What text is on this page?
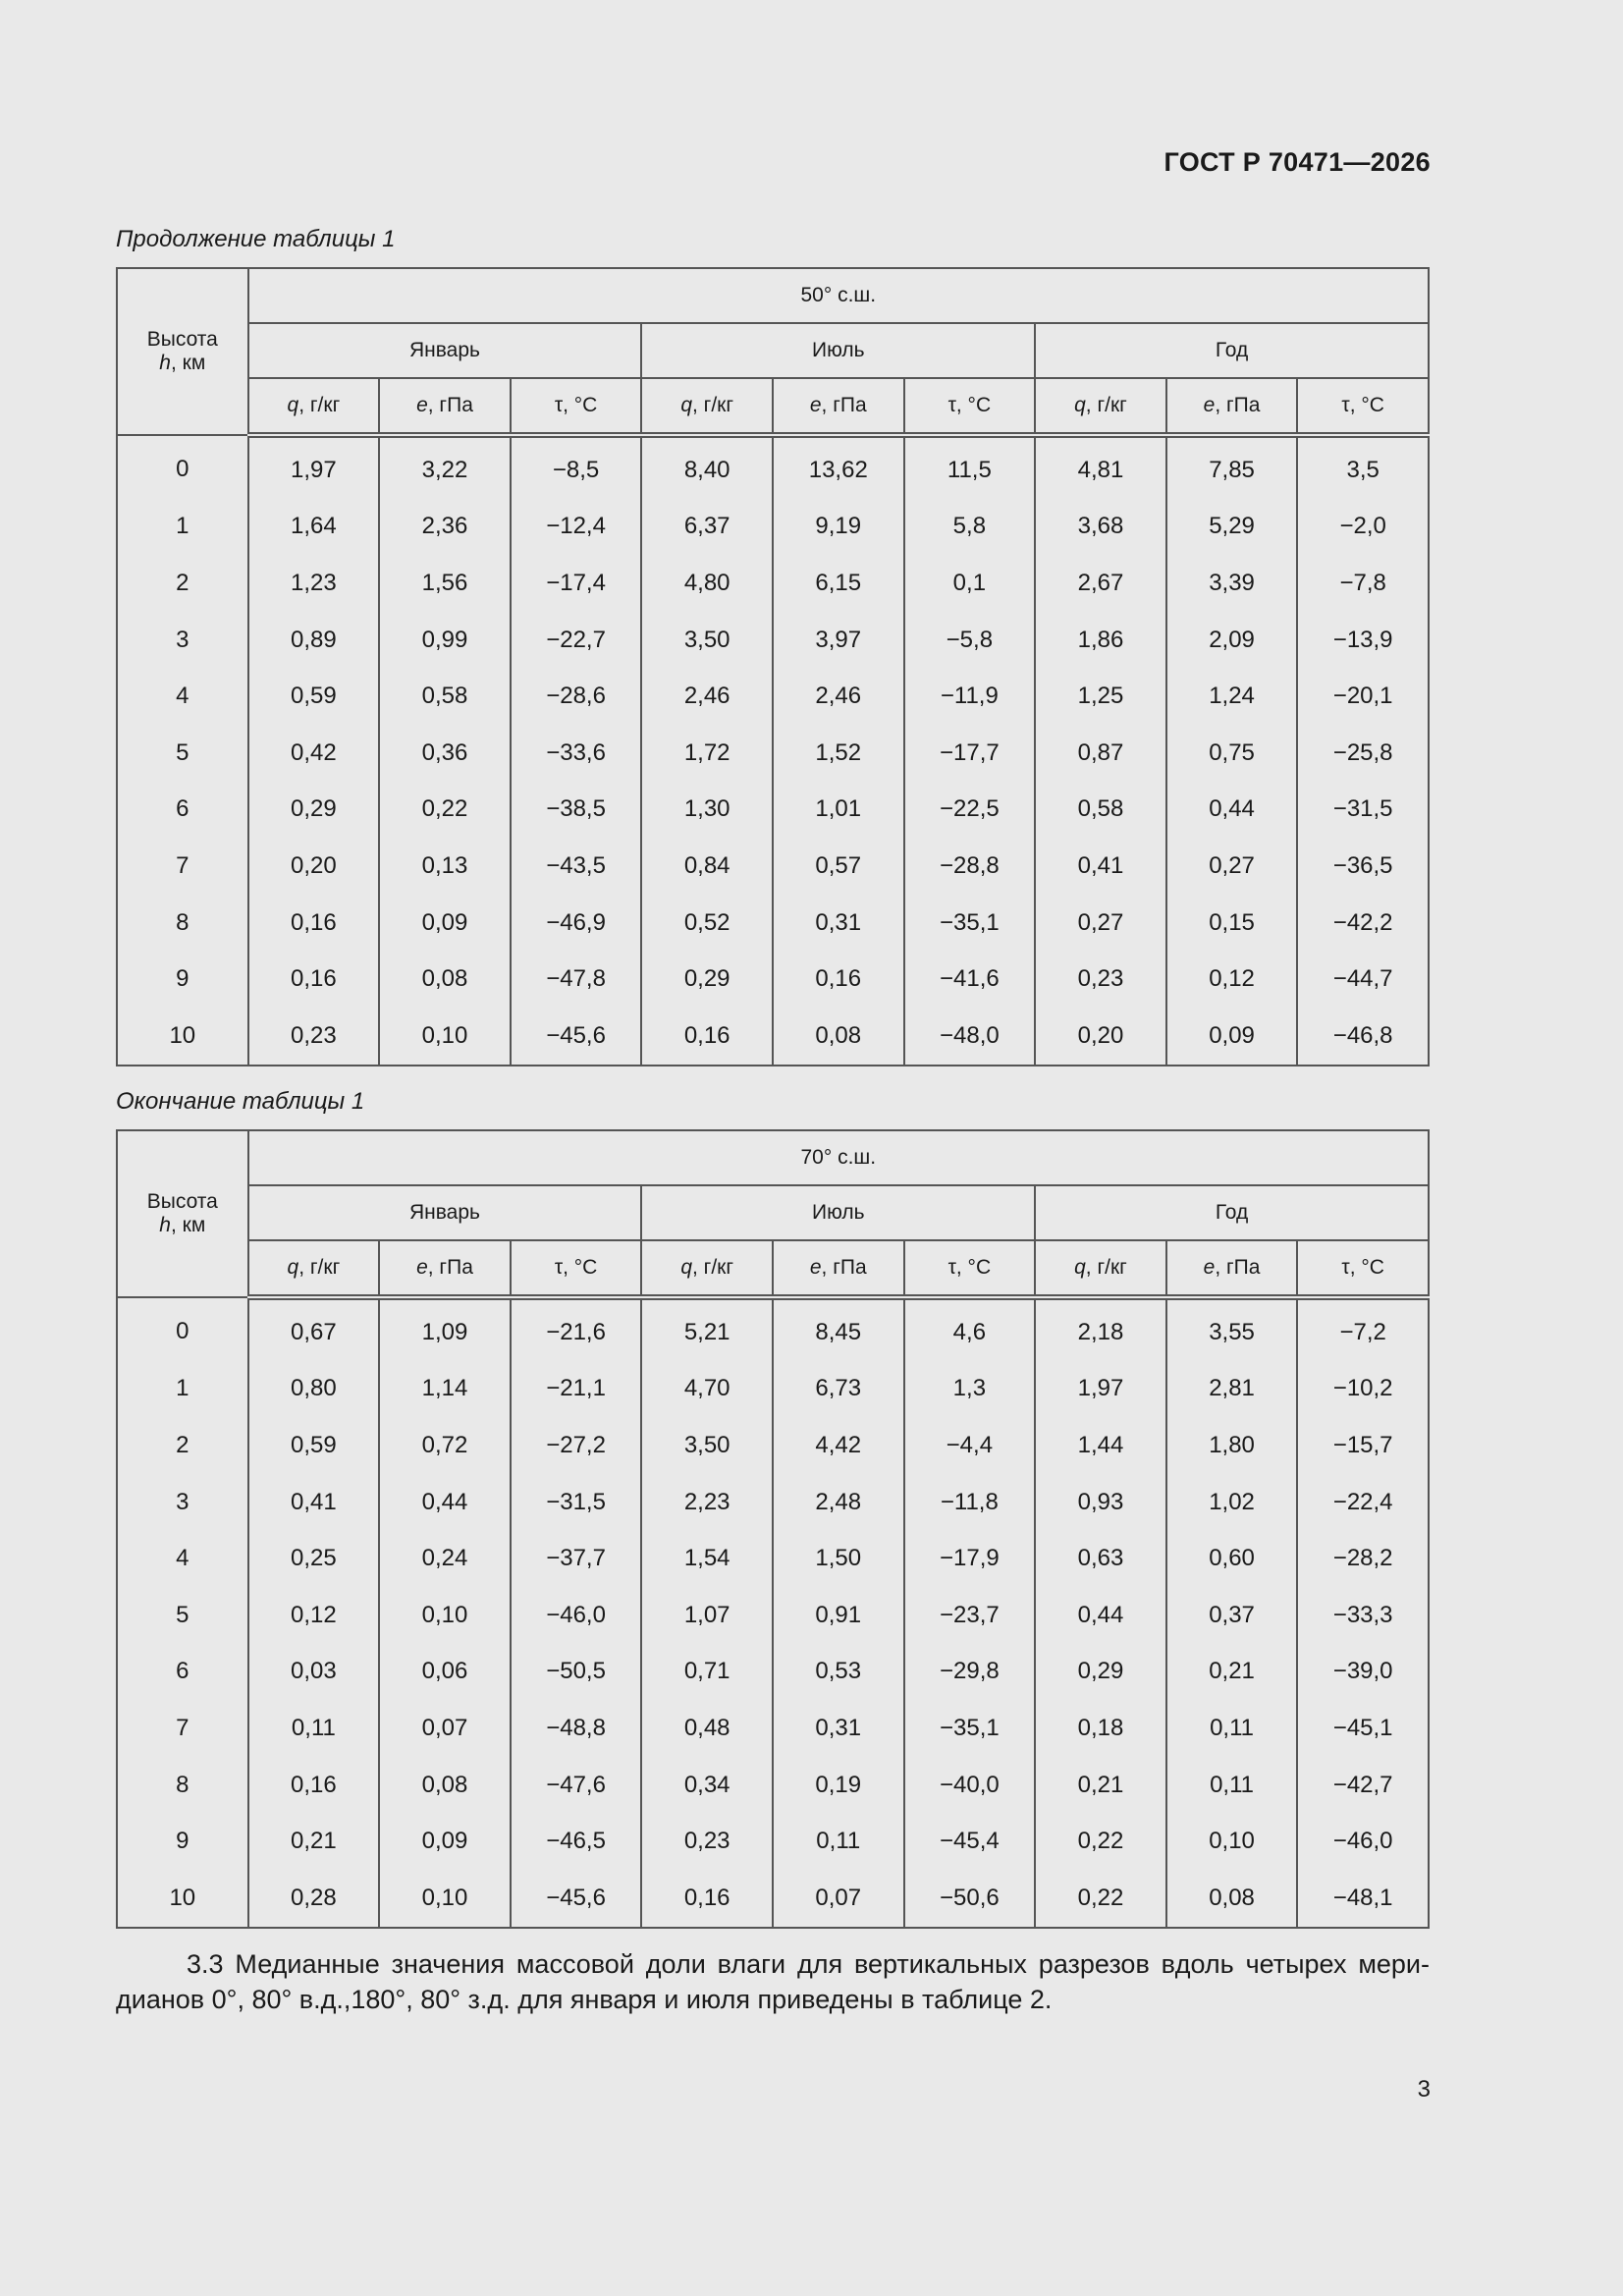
ГОСТ Р 70471—2026
Продолжение таблицы 1
Высота
h, км	50° с.ш.								
	Январь			Июль			Год		
	q, г/кг	e, гПа	τ, °С	q, г/кг	e, гПа	τ, °С	q, г/кг	e, гПа	τ, °С
0	1,97	3,22	−8,5	8,40	13,62	11,5	4,81	7,85	3,5
1	1,64	2,36	−12,4	6,37	9,19	5,8	3,68	5,29	−2,0
2	1,23	1,56	−17,4	4,80	6,15	0,1	2,67	3,39	−7,8
3	0,89	0,99	−22,7	3,50	3,97	−5,8	1,86	2,09	−13,9
4	0,59	0,58	−28,6	2,46	2,46	−11,9	1,25	1,24	−20,1
5	0,42	0,36	−33,6	1,72	1,52	−17,7	0,87	0,75	−25,8
6	0,29	0,22	−38,5	1,30	1,01	−22,5	0,58	0,44	−31,5
7	0,20	0,13	−43,5	0,84	0,57	−28,8	0,41	0,27	−36,5
8	0,16	0,09	−46,9	0,52	0,31	−35,1	0,27	0,15	−42,2
9	0,16	0,08	−47,8	0,29	0,16	−41,6	0,23	0,12	−44,7
10	0,23	0,10	−45,6	0,16	0,08	−48,0	0,20	0,09	−46,8
Окончание таблицы 1
Высота
h, км	70° с.ш.								
	Январь			Июль			Год		
	q, г/кг	e, гПа	τ, °С	q, г/кг	e, гПа	τ, °С	q, г/кг	e, гПа	τ, °С
0	0,67	1,09	−21,6	5,21	8,45	4,6	2,18	3,55	−7,2
1	0,80	1,14	−21,1	4,70	6,73	1,3	1,97	2,81	−10,2
2	0,59	0,72	−27,2	3,50	4,42	−4,4	1,44	1,80	−15,7
3	0,41	0,44	−31,5	2,23	2,48	−11,8	0,93	1,02	−22,4
4	0,25	0,24	−37,7	1,54	1,50	−17,9	0,63	0,60	−28,2
5	0,12	0,10	−46,0	1,07	0,91	−23,7	0,44	0,37	−33,3
6	0,03	0,06	−50,5	0,71	0,53	−29,8	0,29	0,21	−39,0
7	0,11	0,07	−48,8	0,48	0,31	−35,1	0,18	0,11	−45,1
8	0,16	0,08	−47,6	0,34	0,19	−40,0	0,21	0,11	−42,7
9	0,21	0,09	−46,5	0,23	0,11	−45,4	0,22	0,10	−46,0
10	0,28	0,10	−45,6	0,16	0,07	−50,6	0,22	0,08	−48,1
3.3 Медианные значения массовой доли влаги для вертикальных разрезов вдоль четырех мери-
дианов 0°, 80° в.д.,180°, 80° з.д. для января и июля приведены в таблице 2.
3
